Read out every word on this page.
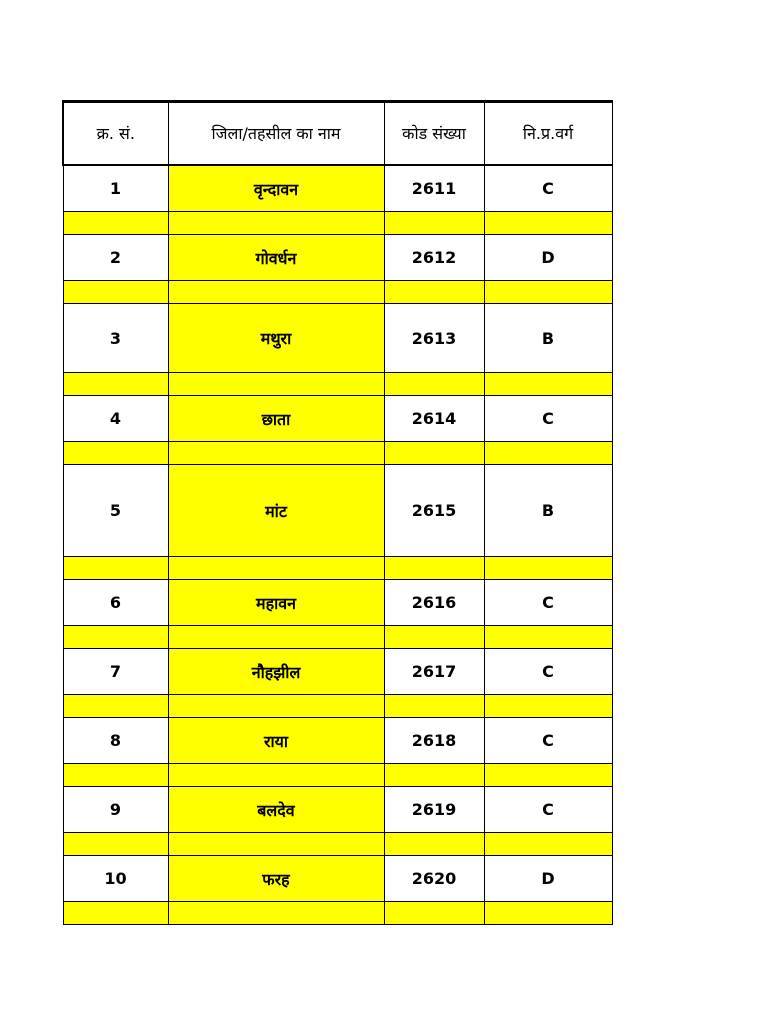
क्र. सं.	जिला/तहसील का नाम	कोड संख्या	नि.प्र.वर्ग
1	वृन्दावन	2611	C

2	गोवर्धन	2612	D

3	मथुरा	2613	B

4	छाता	2614	C

5	मांट	2615	B

6	महावन	2616	C

7	नौहझील	2617	C

8	राया	2618	C

9	बलदेव	2619	C

10	फरह	2620	D
